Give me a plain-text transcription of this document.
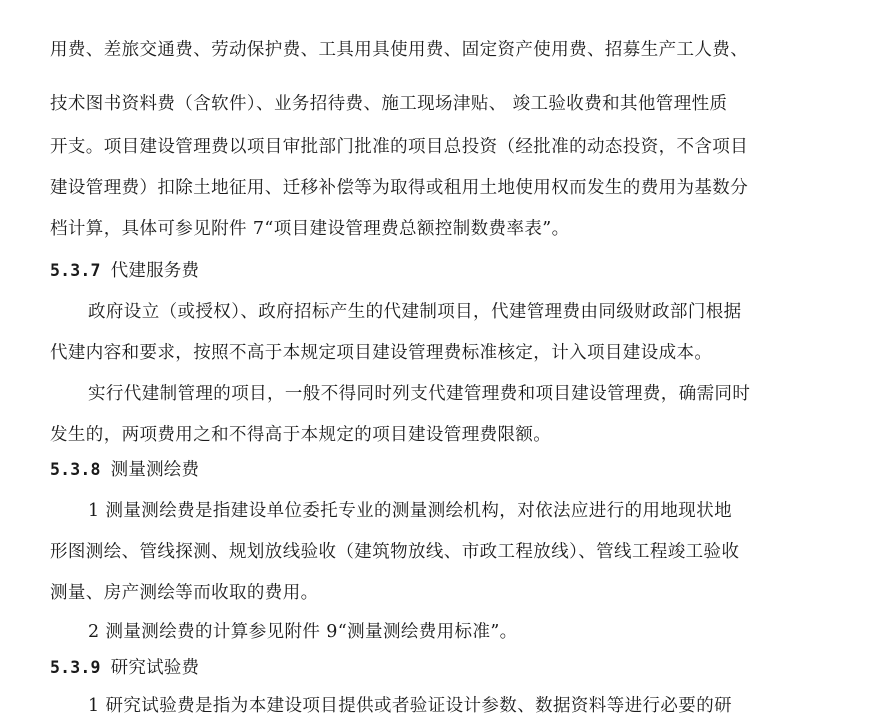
用费、差旅交通费、劳动保护费、工具用具使用费、固定资产使用费、招募生产工人费、
技术图书资料费（含软件）、业务招待费、施工现场津贴、 竣工验收费和其他管理性质
开支。项目建设管理费以项目审批部门批准的项目总投资（经批准的动态投资，不含项目
建设管理费）扣除土地征用、迁移补偿等为取得或租用土地使用权而发生的费用为基数分
档计算，具体可参见附件 7“项目建设管理费总额控制数费率表”。
5.3.7 代建服务费
政府设立（或授权）、政府招标产生的代建制项目，代建管理费由同级财政部门根据
代建内容和要求，按照不高于本规定项目建设管理费标准核定，计入项目建设成本。
实行代建制管理的项目，一般不得同时列支代建管理费和项目建设管理费，确需同时
发生的，两项费用之和不得高于本规定的项目建设管理费限额。
5.3.8 测量测绘费
1 测量测绘费是指建设单位委托专业的测量测绘机构，对依法应进行的用地现状地
形图测绘、管线探测、规划放线验收（建筑物放线、市政工程放线）、管线工程竣工验收
测量、房产测绘等而收取的费用。
2 测量测绘费的计算参见附件 9“测量测绘费用标准”。
5.3.9 研究试验费
1 研究试验费是指为本建设项目提供或者验证设计参数、数据资料等进行必要的研
